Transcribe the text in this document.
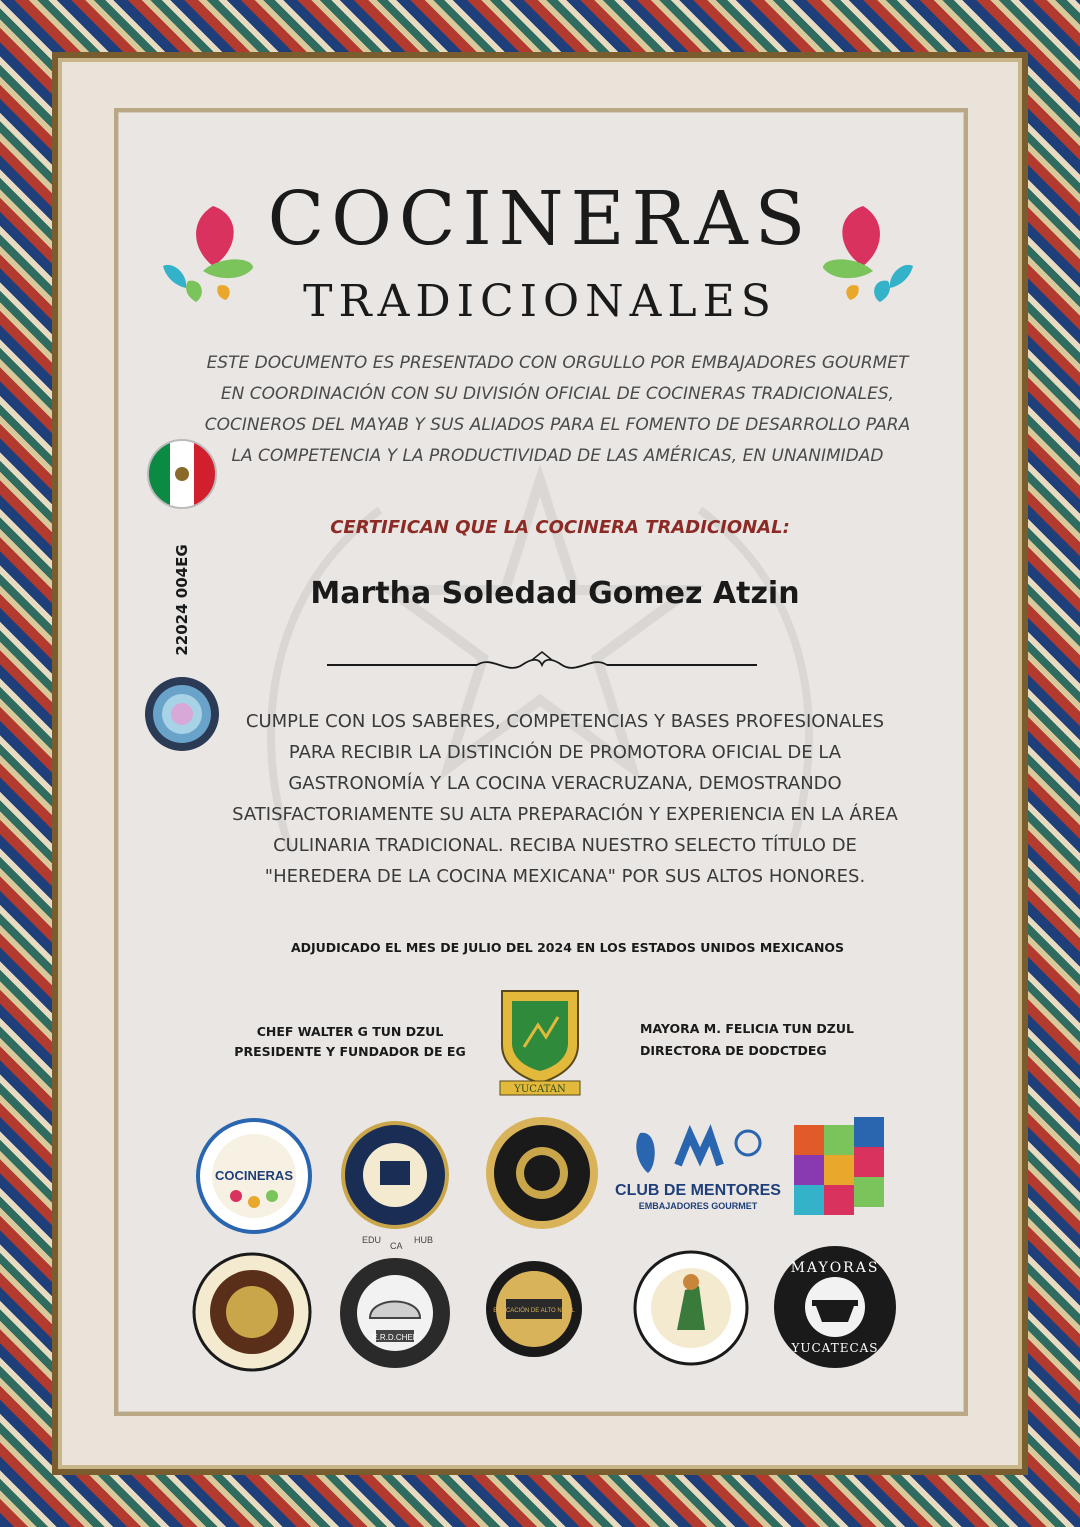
COCINERAS
TRADICIONALES
ESTE DOCUMENTO ES PRESENTADO CON ORGULLO POR EMBAJADORES GOURMET EN COORDINACIÓN CON SU DIVISIÓN OFICIAL DE COCINERAS TRADICIONALES, COCINEROS DEL MAYAB Y SUS ALIADOS PARA EL FOMENTO DE DESARROLLO PARA LA COMPETENCIA Y LA PRODUCTIVIDAD DE LAS AMÉRICAS, EN UNANIMIDAD
22024 004EG
CERTIFICAN QUE LA COCINERA TRADICIONAL:
Martha Soledad Gomez Atzin
CUMPLE CON LOS SABERES, COMPETENCIAS Y BASES PROFESIONALES PARA RECIBIR LA DISTINCIÓN DE PROMOTORA OFICIAL DE LA GASTRONOMÍA Y LA COCINA VERACRUZANA, DEMOSTRANDO SATISFACTORIAMENTE SU ALTA PREPARACIÓN Y EXPERIENCIA EN LA ÁREA CULINARIA TRADICIONAL. RECIBA NUESTRO SELECTO TÍTULO DE "HEREDERA DE LA COCINA MEXICANA" POR SUS ALTOS HONORES.
ADJUDICADO EL MES DE JULIO DEL 2024 EN LOS ESTADOS UNIDOS MEXICANOS
CHEF WALTER G TUN DZUL
PRESIDENTE Y FUNDADOR DE EG
MAYORA M. FELICIA TUN DZUL
DIRECTORA DE DODCTDEG
YUCATAN
COCINERAS
EDU
CA
HUB
CLUB DE MENTORES
EMBAJADORES GOURMET
E.R.D.CHEF
EDUCACIÓN DE ALTO NIVEL
MAYORAS
YUCATECAS
